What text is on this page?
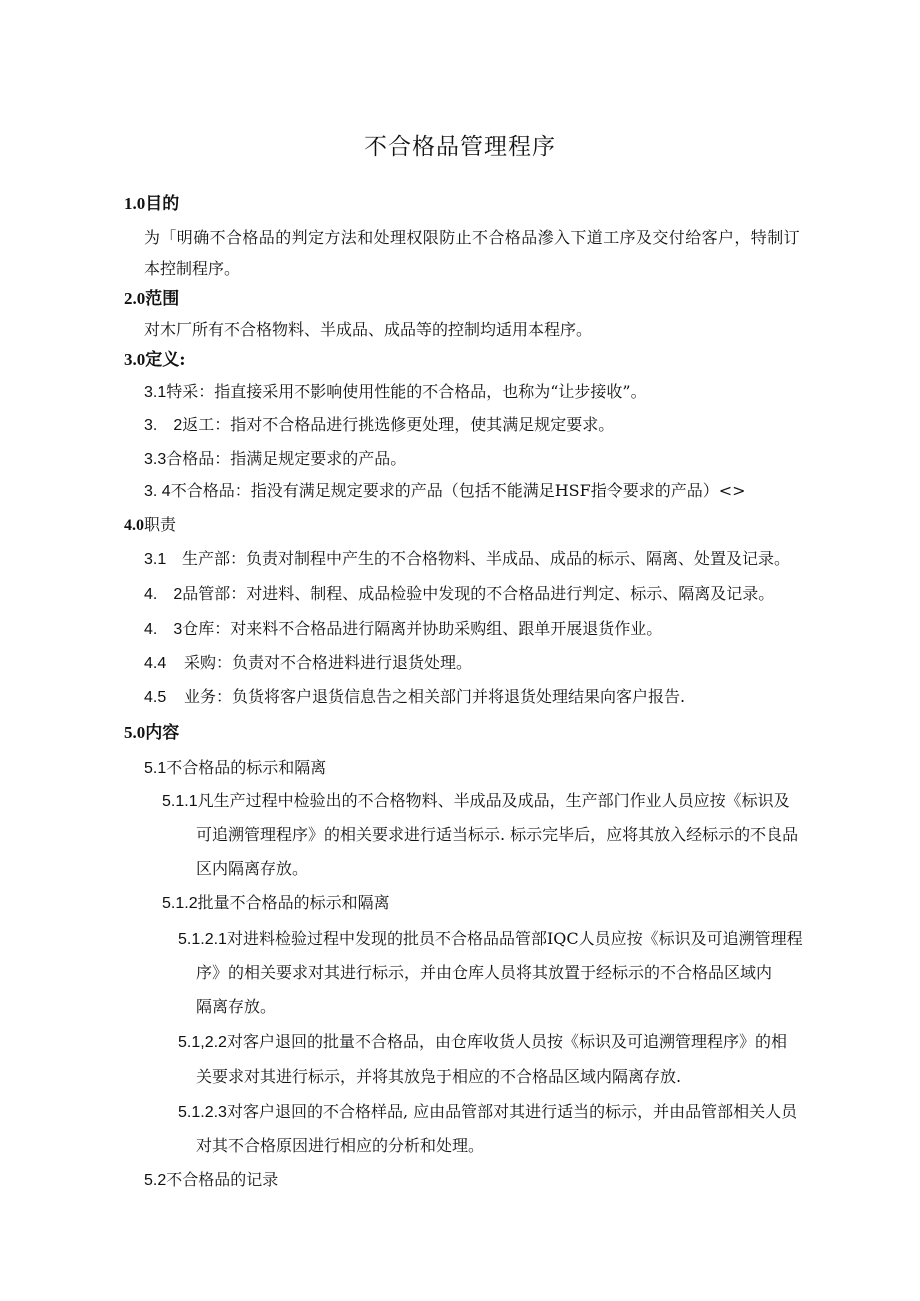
不合格品管理程序
1.0目的
为「明确不合格品的判定方法和处理权限防止不合格品滲入下道工序及交付给客户，特制订
本控制程序。
2.0范围
对木厂所有不合格物料、半成品、成品等的控制均适用本程序。
3.0定义:
3.1特采：指直接采用不影响使用性能的不合格品，也称为“让步接收”。
3.　2返工：指对不合格品进行挑选修更处理，使其满足规定要求。
3.3合格品：指满足规定要求的产品。
3. 4不合格品：指没有满足规定要求的产品（包括不能满足HSF指令要求的产品）<>
4.0职责
3.1 生产部：负责对制程中产生的不合格物料、半成品、成品的标示、隔离、处置及记录。
4.　2品管部：对进料、制程、成品检验中发现的不合格品进行判定、标示、隔离及记录。
4.　3仓库：对来料不合格品进行隔离并协助采购组、跟单开展退货作业。
4.4 采购：负责对不合格进料进行退货处理。
4.5 业务：负货将客户退货信息告之相关部门并将退货处理结果向客户报告.
5.0内容
5.1不合格品的标示和隔离
5.1.1凡生产过程中检验出的不合格物料、半成品及成品，生产部门作业人员应按《标识及
可追溯管理程序》的相关要求进行适当标示. 标示完毕后，应将其放入经标示的不良品
区内隔离存放。
5.1.2批量不合格品的标示和隔离
5.1.2.1对进料检验过程中发现的批员不合格品品管部IQC人员应按《标识及可追溯管理程
序》的相关要求对其进行标示，并由仓库人员将其放置于经标示的不合格品区域内
隔离存放。
5.1,2.2对客户退回的批量不合格品，由仓库收货人员按《标识及可追溯管理程序》的相
关要求对其进行标示，并将其放凫于相应的不合格品区域内隔离存放.
5.1.2.3对客户退回的不合格样品, 应由品管部对其进行适当的标示，并由品管部相关人员
对其不合格原因进行相应的分析和处理。
5.2不合格品的记录
